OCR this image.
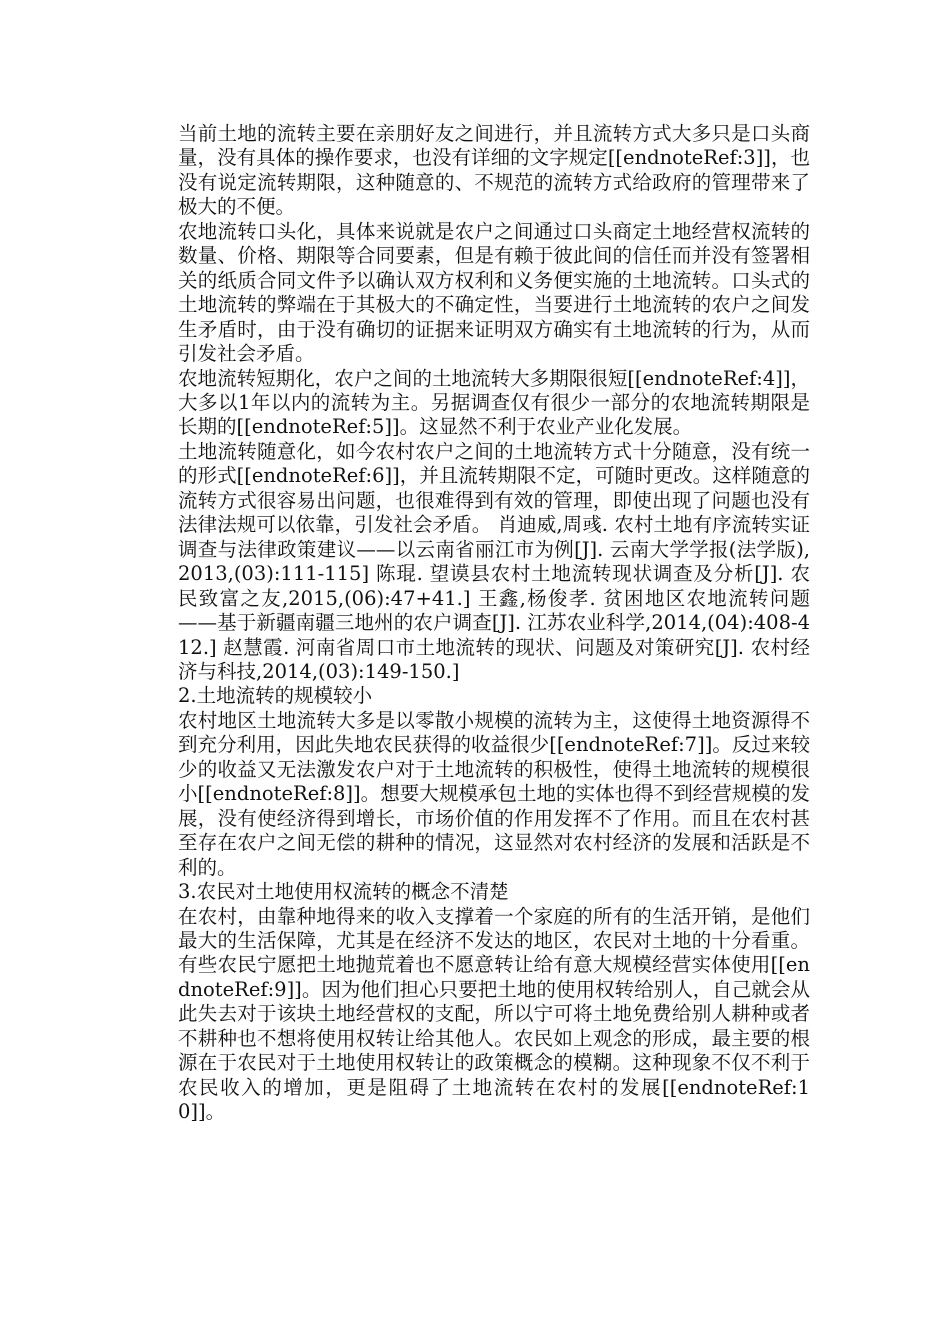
当前土地的流转主要在亲朋好友之间进行，并且流转方式大多只是口头商量，没有具体的操作要求，也没有详细的文字规定[[endnoteRef:3]]，也没有说定流转期限，这种随意的、不规范的流转方式给政府的管理带来了极大的不便。

农地流转口头化，具体来说就是农户之间通过口头商定土地经营权流转的数量、价格、期限等合同要素，但是有赖于彼此间的信任而并没有签署相关的纸质合同文件予以确认双方权利和义务便实施的土地流转。口头式的土地流转的弊端在于其极大的不确定性，当要进行土地流转的农户之间发生矛盾时，由于没有确切的证据来证明双方确实有土地流转的行为，从而引发社会矛盾。

农地流转短期化，农户之间的土地流转大多期限很短[[endnoteRef:4]]，大多以1年以内的流转为主。另据调查仅有很少一部分的农地流转期限是长期的[[endnoteRef:5]]。这显然不利于农业产业化发展。

土地流转随意化，如今农村农户之间的土地流转方式十分随意，没有统一的形式[[endnoteRef:6]]，并且流转期限不定，可随时更改。这样随意的流转方式很容易出问题，也很难得到有效的管理，即使出现了问题也没有法律法规可以依靠，引发社会矛盾。 肖迪威,周彧. 农村土地有序流转实证调查与法律政策建议——以云南省丽江市为例[J]. 云南大学学报(法学版),2013,(03):111-115] 陈琨. 望谟县农村土地流转现状调查及分析[J]. 农民致富之友,2015,(06):47+41.] 王鑫,杨俊孝. 贫困地区农地流转问题——基于新疆南疆三地州的农户调查[J]. 江苏农业科学,2014,(04):408-412.] 赵慧霞. 河南省周口市土地流转的现状、问题及对策研究[J]. 农村经济与科技,2014,(03):149-150.]

2.土地流转的规模较小

农村地区土地流转大多是以零散小规模的流转为主，这使得土地资源得不到充分利用，因此失地农民获得的收益很少[[endnoteRef:7]]。反过来较少的收益又无法激发农户对于土地流转的积极性，使得土地流转的规模很小[[endnoteRef:8]]。想要大规模承包土地的实体也得不到经营规模的发展，没有使经济得到增长，市场价值的作用发挥不了作用。而且在农村甚至存在农户之间无偿的耕种的情况，这显然对农村经济的发展和活跃是不利的。

3.农民对土地使用权流转的概念不清楚

在农村，由靠种地得来的收入支撑着一个家庭的所有的生活开销，是他们最大的生活保障，尤其是在经济不发达的地区，农民对土地的十分看重。有些农民宁愿把土地抛荒着也不愿意转让给有意大规模经营实体使用[[endnoteRef:9]]。因为他们担心只要把土地的使用权转给别人，自己就会从此失去对于该块土地经营权的支配，所以宁可将土地免费给别人耕种或者不耕种也不想将使用权转让给其他人。农民如上观念的形成，最主要的根源在于农民对于土地使用权转让的政策概念的模糊。这种现象不仅不利于农民收入的增加，更是阻碍了土地流转在农村的发展[[endnoteRef:10]]。
